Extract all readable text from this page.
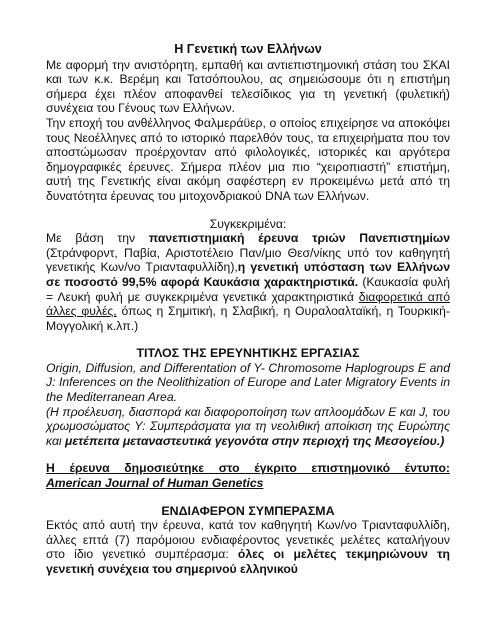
Η Γενετική των Ελλήνων

Με αφορμή την ανιστόρητη, εμπαθή και αντιεπιστημονική στάση του ΣΚΑΙ και των κ.κ. Βερέμη και Τατσόπουλου, ας σημειώσουμε ότι η επιστήμη σήμερα έχει πλέον αποφανθεί τελεσίδικος για τη γενετική (φυλετική) συνέχεια του Γένους των Ελλήνων.

Την εποχή του ανθέλληνος Φαλμεράϋερ, ο οποίος επιχείρησε να αποκόψει τους Νεοέλληνες από το ιστορικό παρελθόν τους, τα επιχειρήματα που τον αποστώμωσαν προέρχονταν από φιλολογικές, ιστορικές και αργότερα δημογραφικές έρευνες. Σήμερα πλέον μια πιο “χειροπιαστή” επιστήμη, αυτή της Γενετικής είναι ακόμη σαφέστερη εν προκειμένω μετά από τη δυνατότητα έρευνας του μιτοχονδριακού DNA των Ελλήνων.

Συγκεκριμένα:

Με βάση την πανεπιστημιακή έρευνα τριών Πανεπιστημίων (Στράνφορντ, Παβία, Αριστοτέλειο Παν/μιο Θεσ/νίκης υπό τον καθηγητή γενετικής Κων/νο Τριανταφυλλίδη),η γενετική υπόσταση των Ελλήνων σε ποσοστό 99,5% αφορά Καυκάσια χαρακτηριστικά. (Καυκασία φυλή = Λευκή φυλή με συγκεκριμένα γενετικά χαρακτηριστικά διαφορετικά από άλλες φυλές, όπως η Σημιτική, η Σλαβική, η Ουραλοαλταϊκή, η Τουρκική- Μογγολική κ.λπ.)

ΤΙΤΛΟΣ ΤΗΣ ΕΡΕΥΝΗΤΙΚΗΣ ΕΡΓΑΣΙΑΣ

Origin, Diffusion, and Differentation of Y- Chromosome Haplogroups E and J: Inferences on the Neolithization of Europe and Later Migratory Events in the Mediterranean Area.

(Η προέλευση, διασπορά και διαφοροποίηση των απλοομάδων Ε και J, του χρωμοσώματος Υ: Συμπεράσματα για τη νεολιθική αποίκιση της Ευρώπης και μετέπειτα μεταναστευτικά γεγονότα στην περιοχή της Μεσογείου.)

Η έρευνα δημοσιεύτηκε στο έγκριτο επιστημονικό έντυπο:

American Journal of Human Genetics

ΕΝΔΙΑΦΕΡΟΝ ΣΥΜΠΕΡΑΣΜΑ

Εκτός από αυτή την έρευνα, κατά τον καθηγητή Κων/νο Τριανταφυλλίδη, άλλες επτά (7) παρόμοιου ενδιαφέροντος γενετικές μελέτες καταλήγουν στο ίδιο γενετικό συμπέρασμα: όλες οι μελέτες τεκμηριώνουν τη γενετική συνέχεια του σημερινού ελληνικού
